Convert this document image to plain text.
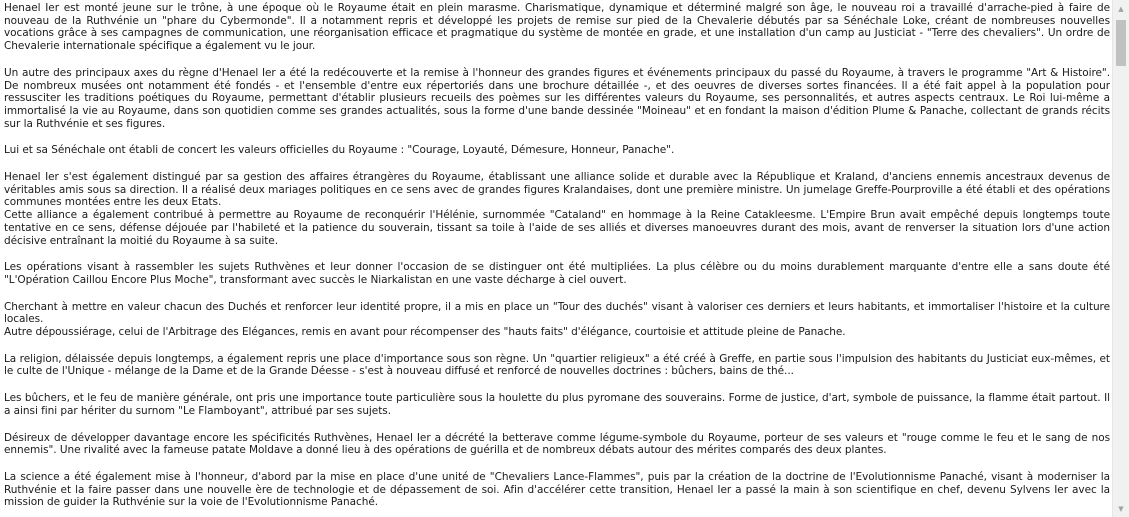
Henael Ier est monté jeune sur le trône, à une époque où le Royaume était en plein marasme. Charismatique, dynamique et déterminé malgré son âge, le nouveau roi a travaillé d'arrache-pied à faire de nouveau de la Ruthvénie un "phare du Cybermonde". Il a notamment repris et développé les projets de remise sur pied de la Chevalerie débutés par sa Sénéchale Loke, créant de nombreuses nouvelles vocations grâce à ses campagnes de communication, une réorganisation efficace et pragmatique du système de montée en grade, et une installation d'un camp au Justiciat - "Terre des chevaliers". Un ordre de Chevalerie internationale spécifique a également vu le jour.

Un autre des principaux axes du règne d'Henael Ier a été la redécouverte et la remise à l'honneur des grandes figures et événements principaux du passé du Royaume, à travers le programme "Art & Histoire". De nombreux musées ont notamment été fondés - et l'ensemble d'entre eux répertoriés dans une brochure détaillée -, et des oeuvres de diverses sortes financées. Il a été fait appel à la population pour ressusciter les traditions poétiques du Royaume, permettant d'établir plusieurs recueils des poèmes sur les différentes valeurs du Royaume, ses personnalités, et autres aspects centraux. Le Roi lui-même a immortalisé la vie au Royaume, dans son quotidien comme ses grandes actualités, sous la forme d'une bande dessinée "Moineau" et en fondant la maison d'édition Plume & Panache, collectant de grands récits sur la Ruthvénie et ses figures.

Lui et sa Sénéchale ont établi de concert les valeurs officielles du Royaume : "Courage, Loyauté, Démesure, Honneur, Panache".

Henael Ier s'est également distingué par sa gestion des affaires étrangères du Royaume, établissant une alliance solide et durable avec la République et Kraland, d'anciens ennemis ancestraux devenus de véritables amis sous sa direction. Il a réalisé deux mariages politiques en ce sens avec de grandes figures Kralandaises, dont une première ministre. Un jumelage Greffe-Pourproville a été établi et des opérations communes montées entre les deux Etats.

Cette alliance a également contribué à permettre au Royaume de reconquérir l'Hélénie, surnommée "Cataland" en hommage à la Reine Catakleesme. L'Empire Brun avait empêché depuis longtemps toute tentative en ce sens, défense déjouée par l'habileté et la patience du souverain, tissant sa toile à l'aide de ses alliés et diverses manoeuvres durant des mois, avant de renverser la situation lors d'une action décisive entraînant la moitié du Royaume à sa suite.

Les opérations visant à rassembler les sujets Ruthvènes et leur donner l'occasion de se distinguer ont été multipliées. La plus célèbre ou du moins durablement marquante d'entre elle a sans doute été "L'Opération Caillou Encore Plus Moche", transformant avec succès le Niarkalistan en une vaste décharge à ciel ouvert.

Cherchant à mettre en valeur chacun des Duchés et renforcer leur identité propre, il a mis en place un "Tour des duchés" visant à valoriser ces derniers et leurs habitants, et immortaliser l'histoire et la culture locales.

Autre dépoussiérage, celui de l'Arbitrage des Elégances, remis en avant pour récompenser des "hauts faits" d'élégance, courtoisie et attitude pleine de Panache.

La religion, délaissée depuis longtemps, a également repris une place d'importance sous son règne. Un "quartier religieux" a été créé à Greffe, en partie sous l'impulsion des habitants du Justiciat eux-mêmes, et le culte de l'Unique - mélange de la Dame et de la Grande Déesse - s'est à nouveau diffusé et renforcé de nouvelles doctrines : bûchers, bains de thé...

Les bûchers, et le feu de manière générale, ont pris une importance toute particulière sous la houlette du plus pyromane des souverains. Forme de justice, d'art, symbole de puissance, la flamme était partout. Il a ainsi fini par hériter du surnom "Le Flamboyant", attribué par ses sujets.

Désireux de développer davantage encore les spécificités Ruthvènes, Henael Ier a décrété la betterave comme légume-symbole du Royaume, porteur de ses valeurs et "rouge comme le feu et le sang de nos ennemis". Une rivalité avec la fameuse patate Moldave a donné lieu à des opérations de guérilla et de nombreux débats autour des mérites comparés des deux plantes.

La science a été également mise à l'honneur, d'abord par la mise en place d'une unité de "Chevaliers Lance-Flammes", puis par la création de la doctrine de l'Evolutionnisme Panaché, visant à moderniser la Ruthvénie et la faire passer dans une nouvelle ère de technologie et de dépassement de soi. Afin d'accélérer cette transition, Henael Ier a passé la main à son scientifique en chef, devenu Sylvens Ier avec la mission de guider la Ruthvénie sur la voie de l'Evolutionnisme Panaché.

▲
▼
